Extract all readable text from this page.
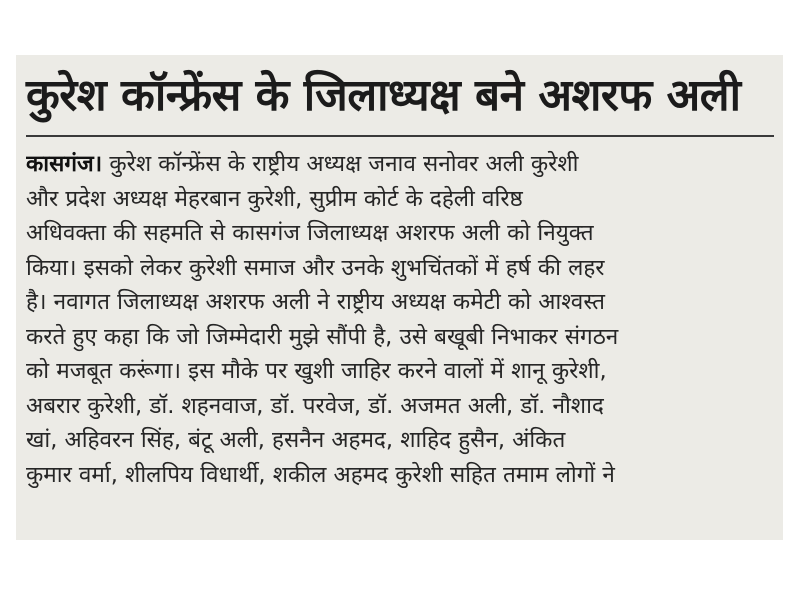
कुरेश कॉन्फ्रेंस के जिलाध्यक्ष बने अशरफ अली
कासगंज। कुरेश कॉन्फ्रेंस के राष्ट्रीय अध्यक्ष जनाव सनोवर अली कुरेशी
और प्रदेश अध्यक्ष मेहरबान कुरेशी, सुप्रीम कोर्ट के दहेली वरिष्ठ
अधिवक्ता की सहमति से कासगंज जिलाध्यक्ष अशरफ अली को नियुक्त
किया। इसको लेकर कुरेशी समाज और उनके शुभचिंतकों में हर्ष की लहर
है। नवागत जिलाध्यक्ष अशरफ अली ने राष्ट्रीय अध्यक्ष कमेटी को आश्वस्त
करते हुए कहा कि जो जिम्मेदारी मुझे सौंपी है, उसे बखूबी निभाकर संगठन
को मजबूत करूंगा। इस मौके पर खुशी जाहिर करने वालों में शानू कुरेशी,
अबरार कुरेशी, डॉ. शहनवाज, डॉ. परवेज, डॉ. अजमत अली, डॉ. नौशाद
खां, अहिवरन सिंह, बंटू अली, हसनैन अहमद, शाहिद हुसैन, अंकित
कुमार वर्मा, शीलपिय विधार्थी, शकील अहमद कुरेशी सहित तमाम लोगों ने
